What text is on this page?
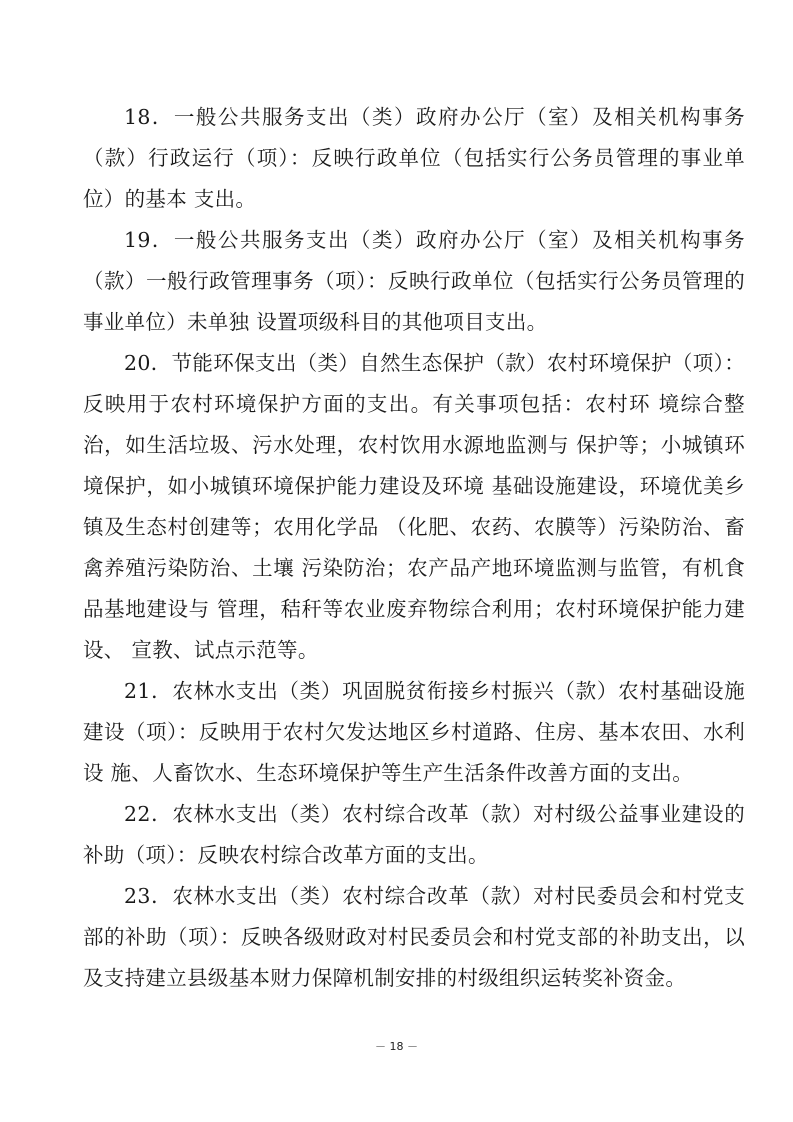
18．一般公共服务支出（类）政府办公厅（室）及相关机构事务（款）行政运行（项）：反映行政单位（包括实行公务员管理的事业单位）的基本 支出。

19．一般公共服务支出（类）政府办公厅（室）及相关机构事务（款）一般行政管理事务（项）：反映行政单位（包括实行公务员管理的事业单位）未单独 设置项级科目的其他项目支出。

20．节能环保支出（类）自然生态保护（款）农村环境保护（项）：反映用于农村环境保护方面的支出。有关事项包括：农村环 境综合整治，如生活垃圾、污水处理，农村饮用水源地监测与 保护等；小城镇环境保护，如小城镇环境保护能力建设及环境 基础设施建设，环境优美乡镇及生态村创建等；农用化学品 （化肥、农药、农膜等）污染防治、畜禽养殖污染防治、土壤 污染防治；农产品产地环境监测与监管，有机食品基地建设与 管理，秸秆等农业废弃物综合利用；农村环境保护能力建设、 宣教、试点示范等。

21．农林水支出（类）巩固脱贫衔接乡村振兴（款）农村基础设施建设（项）：反映用于农村欠发达地区乡村道路、住房、基本农田、水利设 施、人畜饮水、生态环境保护等生产生活条件改善方面的支出。

22．农林水支出（类）农村综合改革（款）对村级公益事业建设的补助（项）：反映农村综合改革方面的支出。

23．农林水支出（类）农村综合改革（款）对村民委员会和村党支部的补助（项）：反映各级财政对村民委员会和村党支部的补助支出，以及支持建立县级基本财力保障机制安排的村级组织运转奖补资金。

－ 18 －
